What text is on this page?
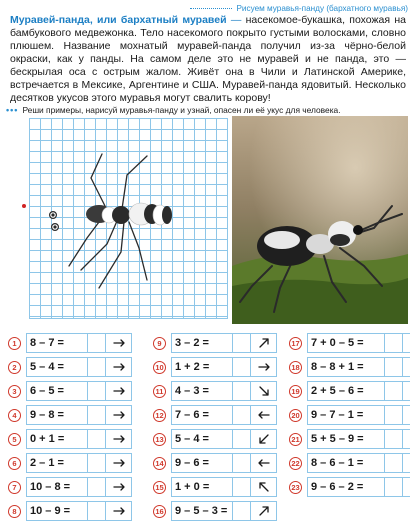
Рисуем муравья-панду (бархатного муравья)

Муравей-панда, или бархатный муравей — насекомое-букашка, похожая на бамбукового медвежонка. Тело насекомого покрыто густыми волосками, словно плюшем. Название мохнатый муравей-панда получил из-за чёрно-белой окраски, как у панды. На самом деле это не муравей и не панда, это — бескрылая оса с острым жалом. Живёт она в Чили и Латинской Америке, встречается в Мексике, Аргентине и США. Муравей-панда ядовитый. Несколько десятков укусов этого муравья могут свалить корову!

••• Реши примеры, нарисуй муравья-панду и узнай, опасен ли её укус для человека.
1	8 – 7 =
2	5 – 4 =
3	6 – 5 =
4	9 – 8 =
5	0 + 1 =
6	2 – 1 =
7	10 – 8 =
8	10 – 9 =
9	3 – 2 =
10	1 + 2 =
11	4 – 3 =
12	7 – 6 =
13	5 – 4 =
14	9 – 6 =
15	1 + 0 =
16	9 – 5 – 3 =
17	7 + 0 – 5 =
18	8 – 8 + 1 =
19	2 + 5 – 6 =
20	9 – 7 – 1 =
21	5 + 5 – 9 =
22	8 – 6 – 1 =
23	9 – 6 – 2 =
